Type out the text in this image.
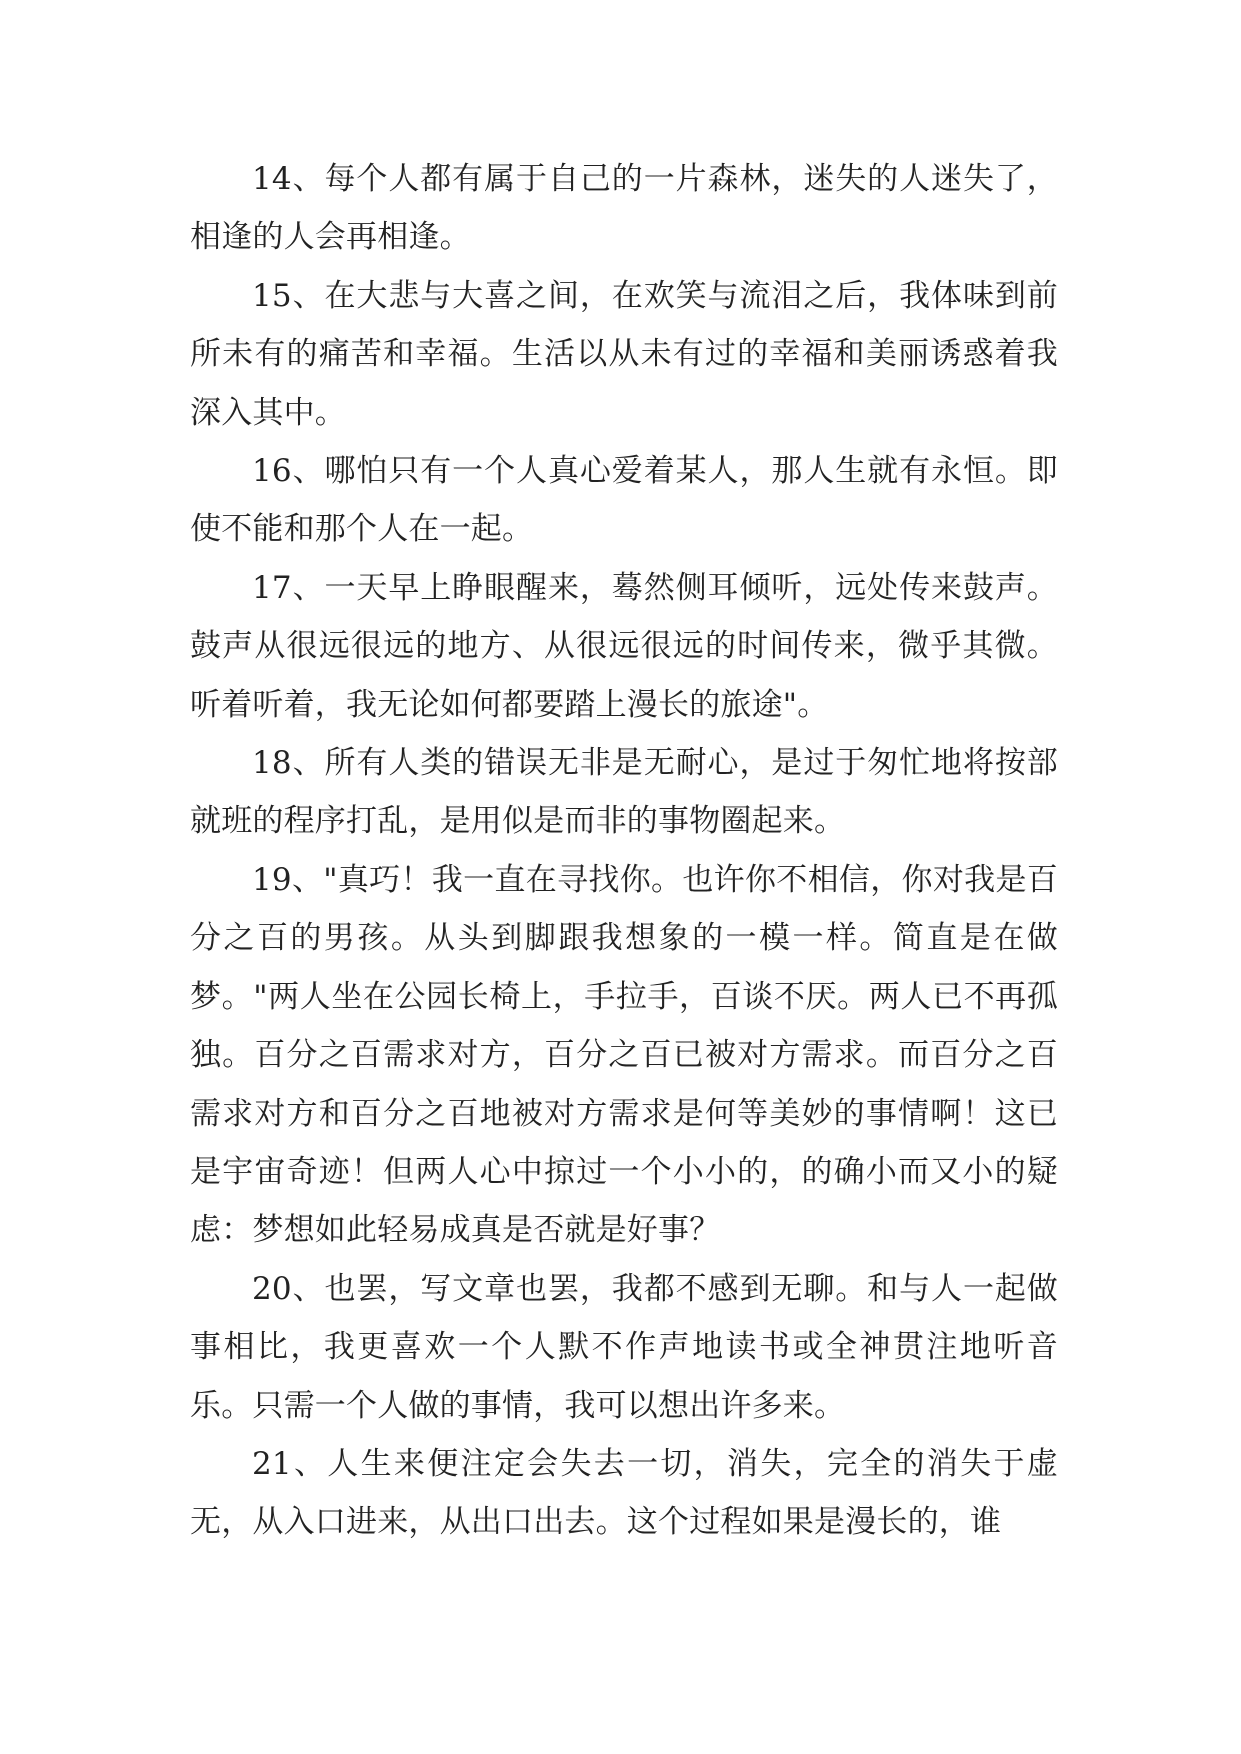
14、每个人都有属于自己的一片森林，迷失的人迷失了，相逢的人会再相逢。

15、在大悲与大喜之间，在欢笑与流泪之后，我体味到前所未有的痛苦和幸福。生活以从未有过的幸福和美丽诱惑着我深入其中。

16、哪怕只有一个人真心爱着某人，那人生就有永恒。即使不能和那个人在一起。

17、一天早上睁眼醒来，蓦然侧耳倾听，远处传来鼓声。鼓声从很远很远的地方、从很远很远的时间传来，微乎其微。听着听着，我无论如何都要踏上漫长的旅途"。

18、所有人类的错误无非是无耐心，是过于匆忙地将按部就班的程序打乱，是用似是而非的事物圈起来。

19、"真巧！我一直在寻找你。也许你不相信，你对我是百分之百的男孩。从头到脚跟我想象的一模一样。简直是在做梦。"两人坐在公园长椅上，手拉手，百谈不厌。两人已不再孤独。百分之百需求对方，百分之百已被对方需求。而百分之百需求对方和百分之百地被对方需求是何等美妙的事情啊！这已是宇宙奇迹！但两人心中掠过一个小小的，的确小而又小的疑虑：梦想如此轻易成真是否就是好事？

20、也罢，写文章也罢，我都不感到无聊。和与人一起做事相比，我更喜欢一个人默不作声地读书或全神贯注地听音乐。只需一个人做的事情，我可以想出许多来。

21、人生来便注定会失去一切，消失，完全的消失于虚无，从入口进来，从出口出去。这个过程如果是漫长的，谁
